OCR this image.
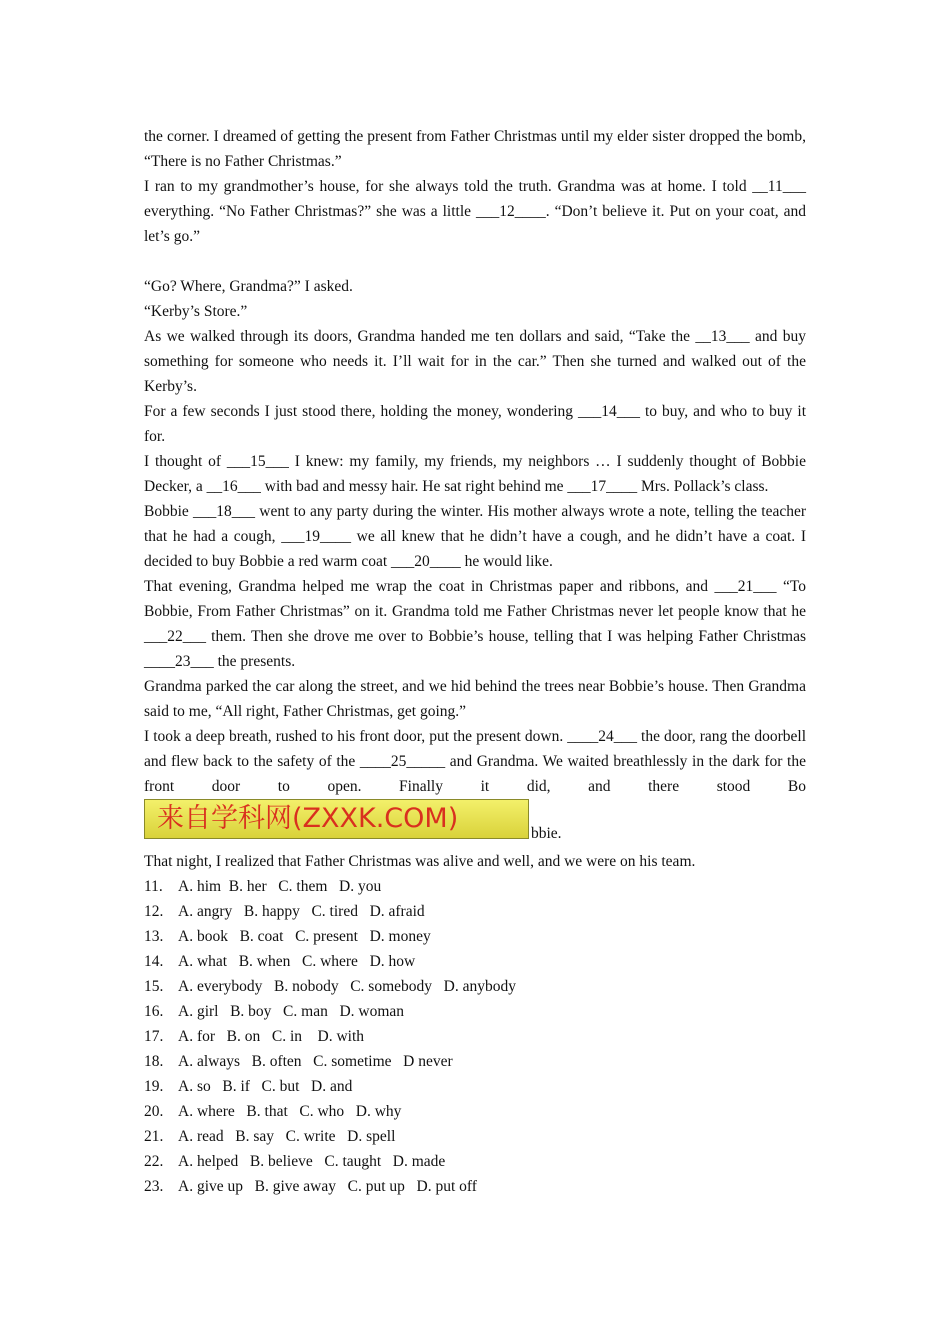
the corner. I dreamed of getting the present from Father Christmas until my elder sister dropped the bomb, “There is no Father Christmas.”

I ran to my grandmother’s house, for she always told the truth. Grandma was at home. I told __11___ everything. “No Father Christmas?” she was a little ___12____. “Don’t believe it. Put on your coat, and let’s go.”

“Go? Where, Grandma?” I asked.

“Kerby’s Store.”

As we walked through its doors, Grandma handed me ten dollars and said, “Take the __13___ and buy something for someone who needs it. I’ll wait for in the car.” Then she turned and walked out of the Kerby’s.

For a few seconds I just stood there, holding the money, wondering ___14___ to buy, and who to buy it for.

I thought of ___15___ I knew: my family, my friends, my neighbors … I suddenly thought of Bobbie Decker, a __16___ with bad and messy hair. He sat right behind me ___17____ Mrs. Pollack’s class.

Bobbie ___18___ went to any party during the winter. His mother always wrote a note, telling the teacher that he had a cough, ___19____ we all knew that he didn’t have a cough, and he didn’t have a coat. I decided to buy Bobbie a red warm coat ___20____ he would like.

That evening, Grandma helped me wrap the coat in Christmas paper and ribbons, and ___21___ “To Bobbie, From Father Christmas” on it. Grandma told me Father Christmas never let people know that he ___22___ them. Then she drove me over to Bobbie’s house, telling that I was helping Father Christmas ____23___ the presents.

Grandma parked the car along the street, and we hid behind the trees near Bobbie’s house. Then Grandma said to me, “All right, Father Christmas, get going.”

I took a deep breath, rushed to his front door, put the present down. ____24___ the door, rang the doorbell and flew back to the safety of the ____25_____ and Grandma. We waited breathlessly in the dark for the front door to open. Finally it did, and there stood Bo

来自学科网(ZXXK.COM)	bbie.

That night, I realized that Father Christmas was alive and well, and we were on his team.

11. A. him  B. her   C. them   D. you
12. A. angry   B. happy   C. tired   D. afraid
13. A. book   B. coat   C. present   D. money
14. A. what   B. when   C. where   D. how
15. A. everybody   B. nobody   C. somebody   D. anybody
16. A. girl   B. boy   C. man   D. woman
17. A. for   B. on   C. in    D. with
18. A. always   B. often   C. sometime   D never
19. A. so   B. if   C. but   D. and
20. A. where   B. that   C. who   D. why
21. A. read   B. say   C. write   D. spell
22. A. helped   B. believe   C. taught   D. made
23. A. give up   B. give away   C. put up   D. put off
